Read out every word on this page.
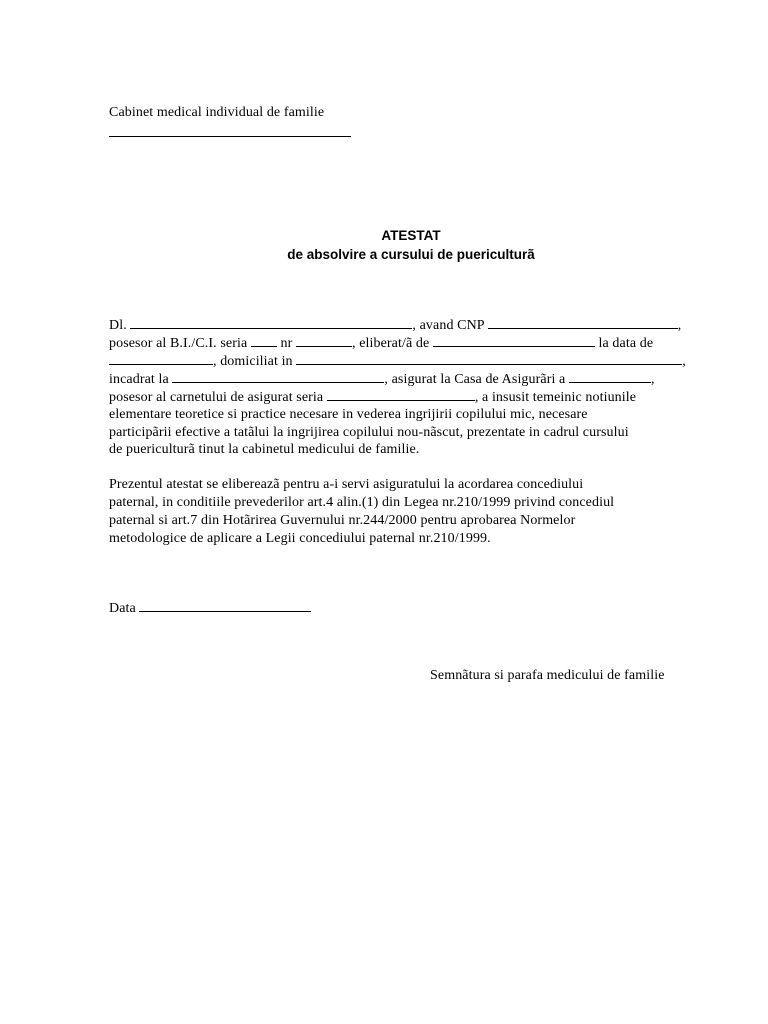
Cabinet medical individual de familie
ATESTAT
de absolvire a cursului de puericulturã
Dl.	, avand CNP	,
posesor al B.I./C.I. seria nr	, eliberat/ã de	la data de
, domiciliat in	,
incadrat la	, asigurat la Casa de Asigurãri a	,
posesor al carnetului de asigurat seria	, a insusit temeinic notiunile
elementare teoretice si practice necesare in vederea ingrijirii copilului mic, necesare
participãrii efective a tatãlui la ingrijirea copilului nou-nãscut, prezentate in cadrul cursului
de puericulturã tinut la cabinetul medicului de familie.
Prezentul atestat se elibereazã pentru a-i servi asiguratului la acordarea concediului
paternal, in conditiile prevederilor art.4 alin.(1) din Legea nr.210/1999 privind concediul
paternal si art.7 din Hotãrirea Guvernului nr.244/2000 pentru aprobarea Normelor
metodologice de aplicare a Legii concediului paternal nr.210/1999.
Data
Semnãtura si parafa medicului de familie
